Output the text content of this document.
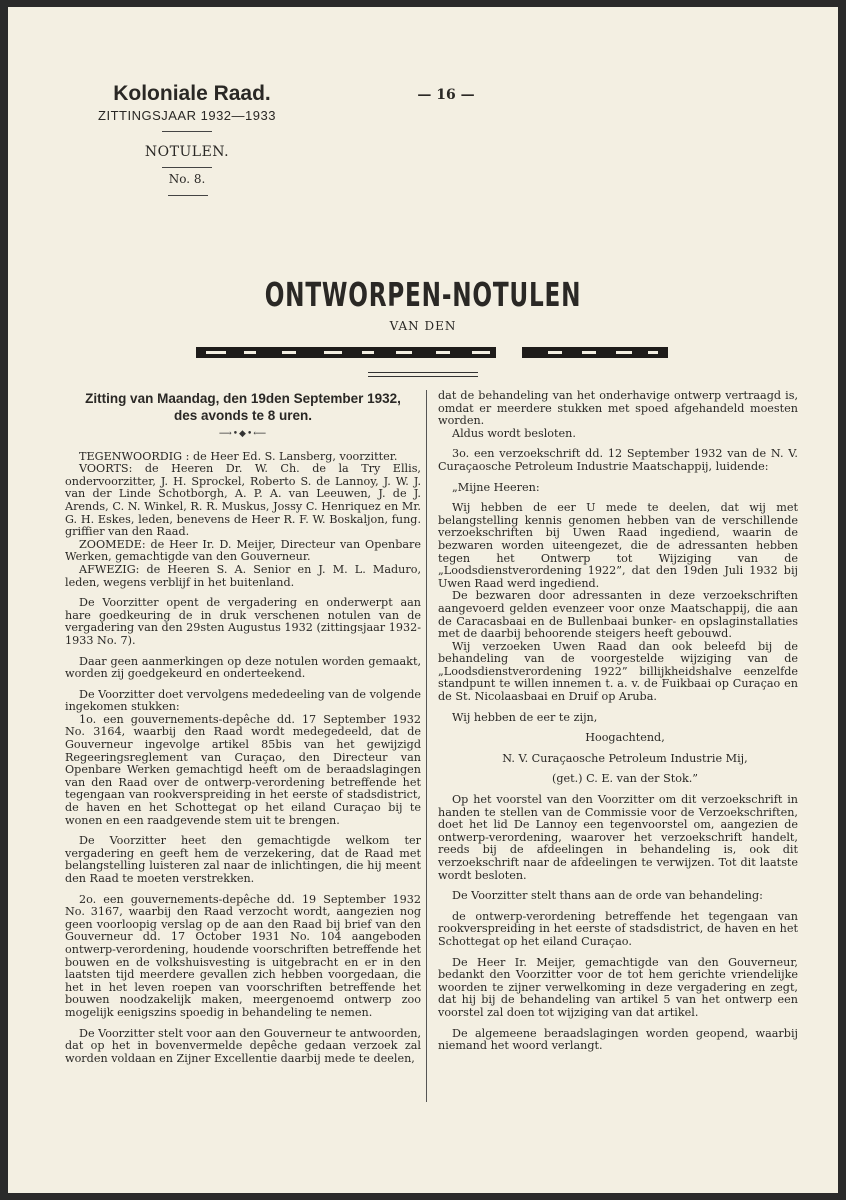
Koloniale Raad.
ZITTINGSJAAR 1932—1933
NOTULEN.
No. 8.
— 16 —
ONTWORPEN-NOTULEN
VAN DEN
Zitting van Maandag, den 19den September 1932,
des avonds te 8 uren.
⟶•◆•⟵

TEGENWOORDIG : de Heer Ed. S. Lansberg, voorzitter.

VOORTS: de Heeren Dr. W. Ch. de la Try Ellis, ondervoorzitter, J. H. Sprockel, Roberto S. de Lannoy, J. W. J. van der Linde Schotborgh, A. P. A. van Leeuwen, J. de J. Arends, C. N. Winkel, R. R. Muskus, Jossy C. Henriquez en Mr. G. H. Eskes, leden, benevens de Heer R. F. W. Boskaljon, fung. griffier van den Raad.

ZOOMEDE: de Heer Ir. D. Meijer, Directeur van Openbare Werken, gemachtigde van den Gouverneur.

AFWEZIG: de Heeren S. A. Senior en J. M. L. Maduro, leden, wegens verblijf in het buitenland.

De Voorzitter opent de vergadering en onderwerpt aan hare goedkeuring de in druk verschenen notulen van de vergadering van den 29sten Augustus 1932 (zittingsjaar 1932-1933 No. 7).

Daar geen aanmerkingen op deze notulen worden gemaakt, worden zij goedgekeurd en onderteekend.

De Voorzitter doet vervolgens mededeeling van de volgende ingekomen stukken:

1o. een gouvernements-depêche dd. 17 September 1932 No. 3164, waarbij den Raad wordt medegedeeld, dat de Gouverneur ingevolge artikel 85bis van het gewijzigd Regeeringsreglement van Curaçao, den Directeur van Openbare Werken gemachtigd heeft om de beraadslagingen van den Raad over de ontwerp-verordening betreffende het tegengaan van rookverspreiding in het eerste of stadsdistrict, de haven en het Schottegat op het eiland Curaçao bij te wonen en een raadgevende stem uit te brengen.

De Voorzitter heet den gemachtigde welkom ter vergadering en geeft hem de verzekering, dat de Raad met belangstelling luisteren zal naar de inlichtingen, die hij meent den Raad te moeten verstrekken.

2o. een gouvernements-depêche dd. 19 September 1932 No. 3167, waarbij den Raad verzocht wordt, aangezien nog geen voorloopig verslag op de aan den Raad bij brief van den Gouverneur dd. 17 October 1931 No. 104 aangeboden ontwerp-verordening, houdende voorschriften betreffende het bouwen en de volkshuisvesting is uitgebracht en er in den laatsten tijd meerdere gevallen zich hebben voorgedaan, die het in het leven roepen van voorschriften betreffende het bouwen noodzakelijk maken, meergenoemd ontwerp zoo mogelijk eenigszins spoedig in behandeling te nemen.

De Voorzitter stelt voor aan den Gouverneur te antwoorden, dat op het in bovenvermelde depêche gedaan verzoek zal worden voldaan en Zijner Excellentie daarbij mede te deelen,

dat de behandeling van het onderhavige ontwerp vertraagd is, omdat er meerdere stukken met spoed afgehandeld moesten worden.

Aldus wordt besloten.

3o. een verzoekschrift dd. 12 September 1932 van de N. V. Curaçaosche Petroleum Industrie Maatschappij, luidende:

„Mijne Heeren:

Wij hebben de eer U mede te deelen, dat wij met belangstelling kennis genomen hebben van de verschillende verzoekschriften bij Uwen Raad ingediend, waarin de bezwaren worden uiteengezet, die de adressanten hebben tegen het Ontwerp tot Wijziging van de „Loodsdienstverordening 1922”, dat den 19den Juli 1932 bij Uwen Raad werd ingediend.

De bezwaren door adressanten in deze verzoekschriften aangevoerd gelden evenzeer voor onze Maatschappij, die aan de Caracasbaai en de Bullenbaai bunker- en opslaginstallaties met de daarbij behoorende steigers heeft gebouwd.

Wij verzoeken Uwen Raad dan ook beleefd bij de behandeling van de voorgestelde wijziging van de „Loodsdienstverordening 1922” billijkheidshalve eenzelfde standpunt te willen innemen t. a. v. de Fuikbaai op Curaçao en de St. Nicolaasbaai en Druif op Aruba.

Wij hebben de eer te zijn,

Hoogachtend,

N. V. Curaçaosche Petroleum Industrie Mij,

(get.) C. E. van der Stok.”

Op het voorstel van den Voorzitter om dit verzoekschrift in handen te stellen van de Commissie voor de Verzoekschriften, doet het lid De Lannoy een tegenvoorstel om, aangezien de ontwerp-verordening, waarover het verzoekschrift handelt, reeds bij de afdeelingen in behandeling is, ook dit verzoekschrift naar de afdeelingen te verwijzen. Tot dit laatste wordt besloten.

De Voorzitter stelt thans aan de orde van behandeling:

de ontwerp-verordening betreffende het tegengaan van rookverspreiding in het eerste of stadsdistrict, de haven en het Schottegat op het eiland Curaçao.

De Heer Ir. Meijer, gemachtigde van den Gouverneur, bedankt den Voorzitter voor de tot hem gerichte vriendelijke woorden te zijner verwelkoming in deze vergadering en zegt, dat hij bij de behandeling van artikel 5 van het ontwerp een voorstel zal doen tot wijziging van dat artikel.

De algemeene beraadslagingen worden geopend, waarbij niemand het woord verlangt.
